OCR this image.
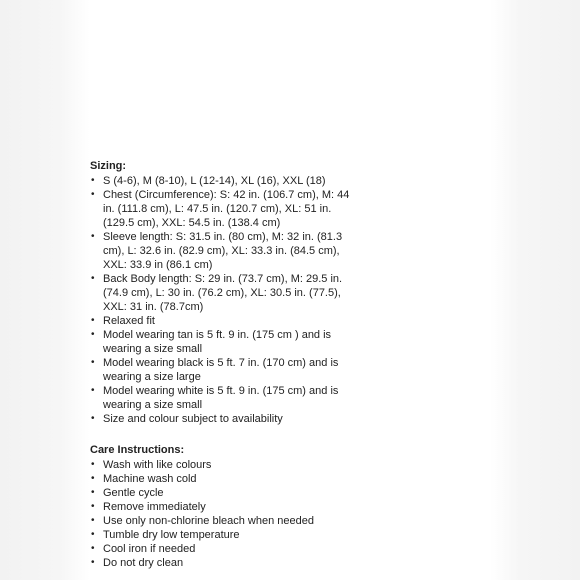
Sizing:

• S (4-6), M (8-10), L (12-14), XL (16), XXL (18)
• Chest (Circumference): S: 42 in. (106.7 cm), M: 44 in. (111.8 cm), L: 47.5 in. (120.7 cm), XL: 51 in. (129.5 cm), XXL: 54.5 in. (138.4 cm)
• Sleeve length: S: 31.5 in. (80 cm), M: 32 in. (81.3 cm), L: 32.6 in. (82.9 cm), XL: 33.3 in. (84.5 cm), XXL: 33.9 in (86.1 cm)
• Back Body length: S: 29 in. (73.7 cm), M: 29.5 in. (74.9 cm), L: 30 in. (76.2 cm), XL: 30.5 in. (77.5), XXL: 31 in. (78.7cm)
• Relaxed fit
• Model wearing tan is 5 ft. 9 in. (175 cm ) and is wearing a size small
• Model wearing black is 5 ft. 7 in. (170 cm) and is wearing a size large
• Model wearing white is 5 ft. 9 in. (175 cm) and is wearing a size small
• Size and colour subject to availability

Care Instructions:

• Wash with like colours
• Machine wash cold
• Gentle cycle
• Remove immediately
• Use only non-chlorine bleach when needed
• Tumble dry low temperature
• Cool iron if needed
• Do not dry clean
